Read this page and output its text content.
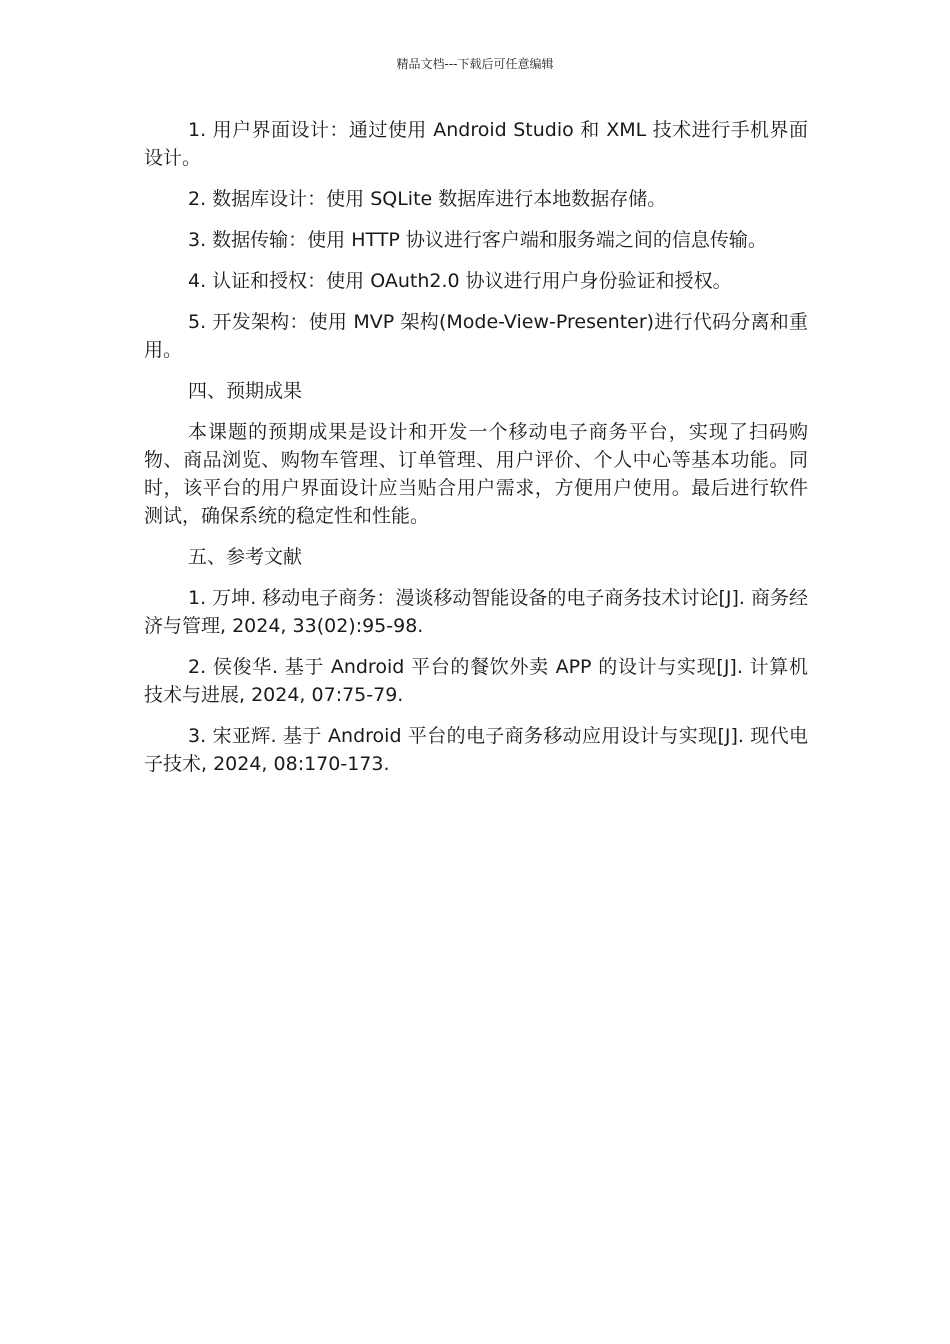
精品文档---下载后可任意编辑

1. 用户界面设计：通过使用 Android Studio 和 XML 技术进行手机界面设计。

2. 数据库设计：使用 SQLite 数据库进行本地数据存储。

3. 数据传输：使用 HTTP 协议进行客户端和服务端之间的信息传输。

4. 认证和授权：使用 OAuth2.0 协议进行用户身份验证和授权。

5. 开发架构：使用 MVP 架构(Mode-View-Presenter)进行代码分离和重用。

四、预期成果

本课题的预期成果是设计和开发一个移动电子商务平台，实现了扫码购物、商品浏览、购物车管理、订单管理、用户评价、个人中心等基本功能。同时，该平台的用户界面设计应当贴合用户需求，方便用户使用。最后进行软件测试，确保系统的稳定性和性能。

五、参考文献

1. 万坤. 移动电子商务：漫谈移动智能设备的电子商务技术讨论[J]. 商务经济与管理, 2024, 33(02):95-98.

2. 侯俊华. 基于 Android 平台的餐饮外卖 APP 的设计与实现[J]. 计算机技术与进展, 2024, 07:75-79.

3. 宋亚辉. 基于 Android 平台的电子商务移动应用设计与实现[J]. 现代电子技术, 2024, 08:170-173.
